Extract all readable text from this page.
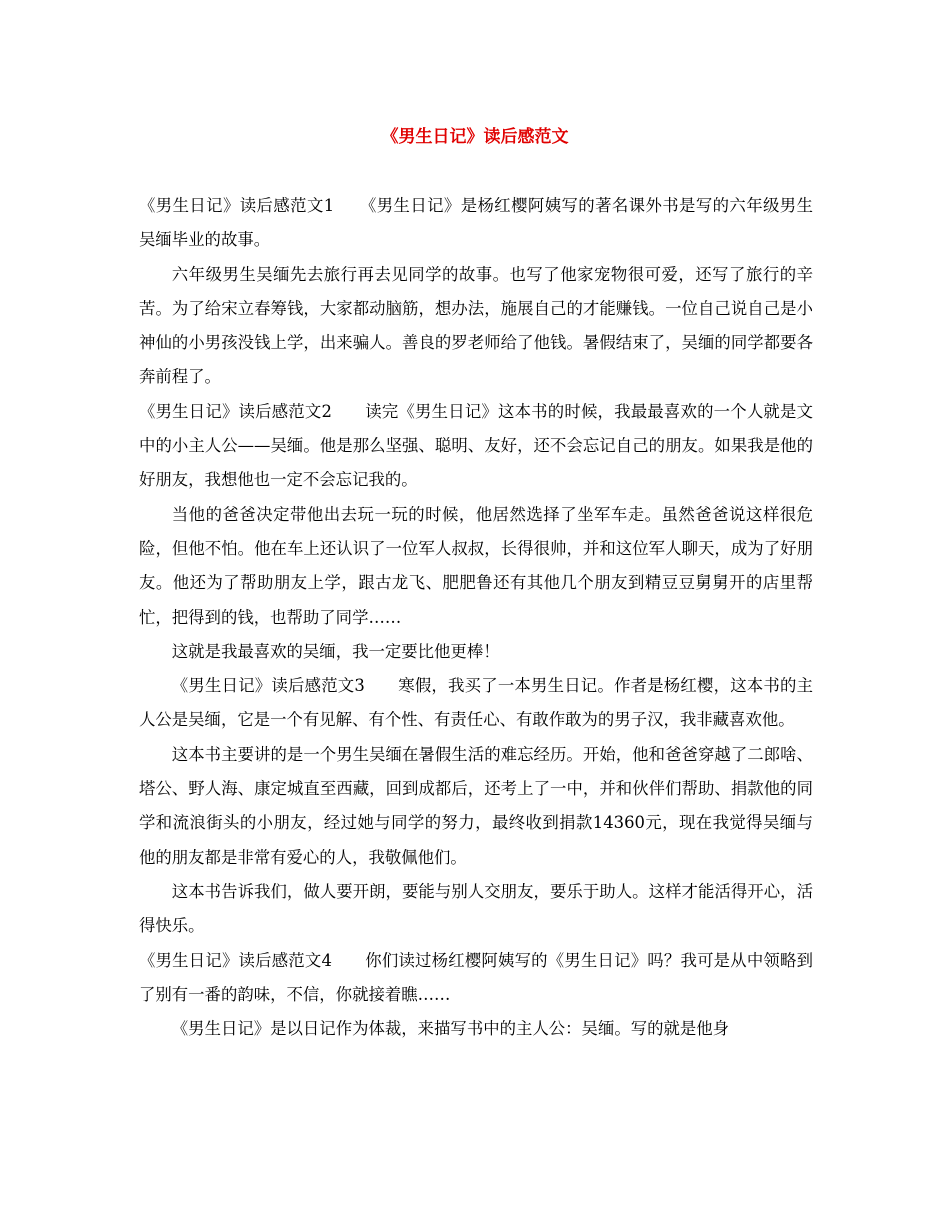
《男生日记》读后感范文

《男生日记》读后感范文1　　《男生日记》是杨红樱阿姨写的著名课外书是写的六年级男生吴缅毕业的故事。

六年级男生吴缅先去旅行再去见同学的故事。也写了他家宠物很可爱，还写了旅行的辛苦。为了给宋立春筹钱，大家都动脑筋，想办法，施展自己的才能赚钱。一位自己说自己是小神仙的小男孩没钱上学，出来骗人。善良的罗老师给了他钱。暑假结束了，吴缅的同学都要各奔前程了。

《男生日记》读后感范文2　　读完《男生日记》这本书的时候，我最最喜欢的一个人就是文中的小主人公——吴缅。他是那么坚强、聪明、友好，还不会忘记自己的朋友。如果我是他的好朋友，我想他也一定不会忘记我的。

当他的爸爸决定带他出去玩一玩的时候，他居然选择了坐军车走。虽然爸爸说这样很危险，但他不怕。他在车上还认识了一位军人叔叔，长得很帅，并和这位军人聊天，成为了好朋友。他还为了帮助朋友上学，跟古龙飞、肥肥鲁还有其他几个朋友到精豆豆舅舅开的店里帮忙，把得到的钱，也帮助了同学……

这就是我最喜欢的吴缅，我一定要比他更棒！

《男生日记》读后感范文3　　寒假，我买了一本男生日记。作者是杨红樱，这本书的主人公是吴缅，它是一个有见解、有个性、有责任心、有敢作敢为的男子汉，我非藏喜欢他。

这本书主要讲的是一个男生吴缅在暑假生活的难忘经历。开始，他和爸爸穿越了二郎啥、塔公、野人海、康定城直至西藏，回到成都后，还考上了一中，并和伙伴们帮助、捐款他的同学和流浪街头的小朋友，经过她与同学的努力，最终收到捐款14360元，现在我觉得吴缅与他的朋友都是非常有爱心的人，我敬佩他们。

这本书告诉我们，做人要开朗，要能与别人交朋友，要乐于助人。这样才能活得开心，活得快乐。

《男生日记》读后感范文4　　你们读过杨红樱阿姨写的《男生日记》吗？我可是从中领略到了别有一番的韵味，不信，你就接着瞧……

《男生日记》是以日记作为体裁，来描写书中的主人公：吴缅。写的就是他身
